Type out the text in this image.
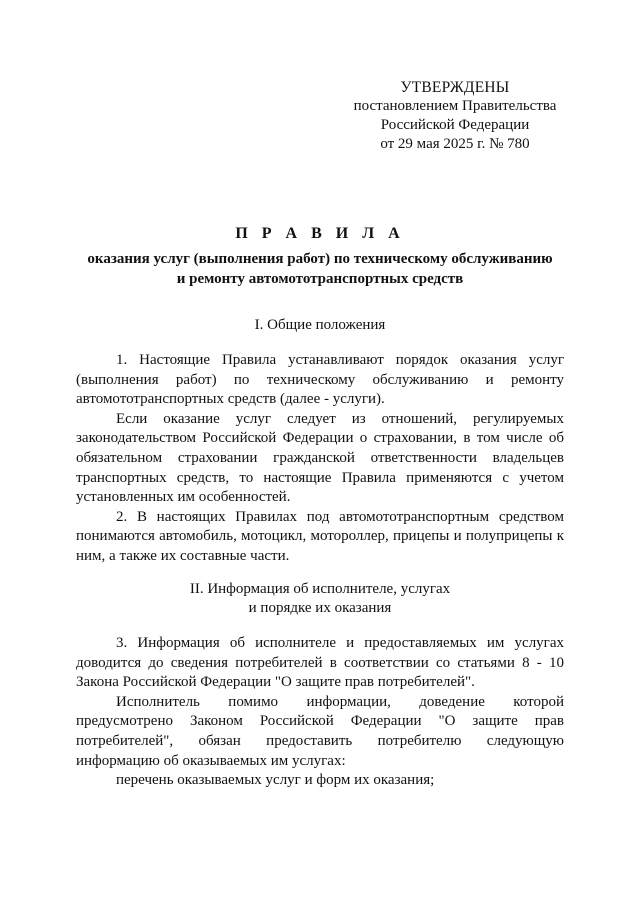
УТВЕРЖДЕНЫ
постановлением Правительства
Российской Федерации
от 29 мая 2025 г. № 780
П Р А В И Л А
оказания услуг (выполнения работ) по техническому обслуживанию
и ремонту автомототранспортных средств
I. Общие положения

1. Настоящие Правила устанавливают порядок оказания услуг (выполнения работ) по техническому обслуживанию и ремонту автомототранспортных средств (далее - услуги).

Если оказание услуг следует из отношений, регулируемых законодательством Российской Федерации о страховании, в том числе об обязательном страховании гражданской ответственности владельцев транспортных средств, то настоящие Правила применяются с учетом установленных им особенностей.

2. В настоящих Правилах под автомототранспортным средством понимаются автомобиль, мотоцикл, мотороллер, прицепы и полуприцепы к ним, а также их составные части.

II. Информация об исполнителе, услугах
и порядке их оказания

3. Информация об исполнителе и предоставляемых им услугах доводится до сведения потребителей в соответствии со статьями 8 - 10 Закона Российской Федерации "О защите прав потребителей".

Исполнитель помимо информации, доведение которой предусмотрено Законом Российской Федерации "О защите прав потребителей", обязан предоставить потребителю следующую информацию об оказываемых им услугах:

перечень оказываемых услуг и форм их оказания;
